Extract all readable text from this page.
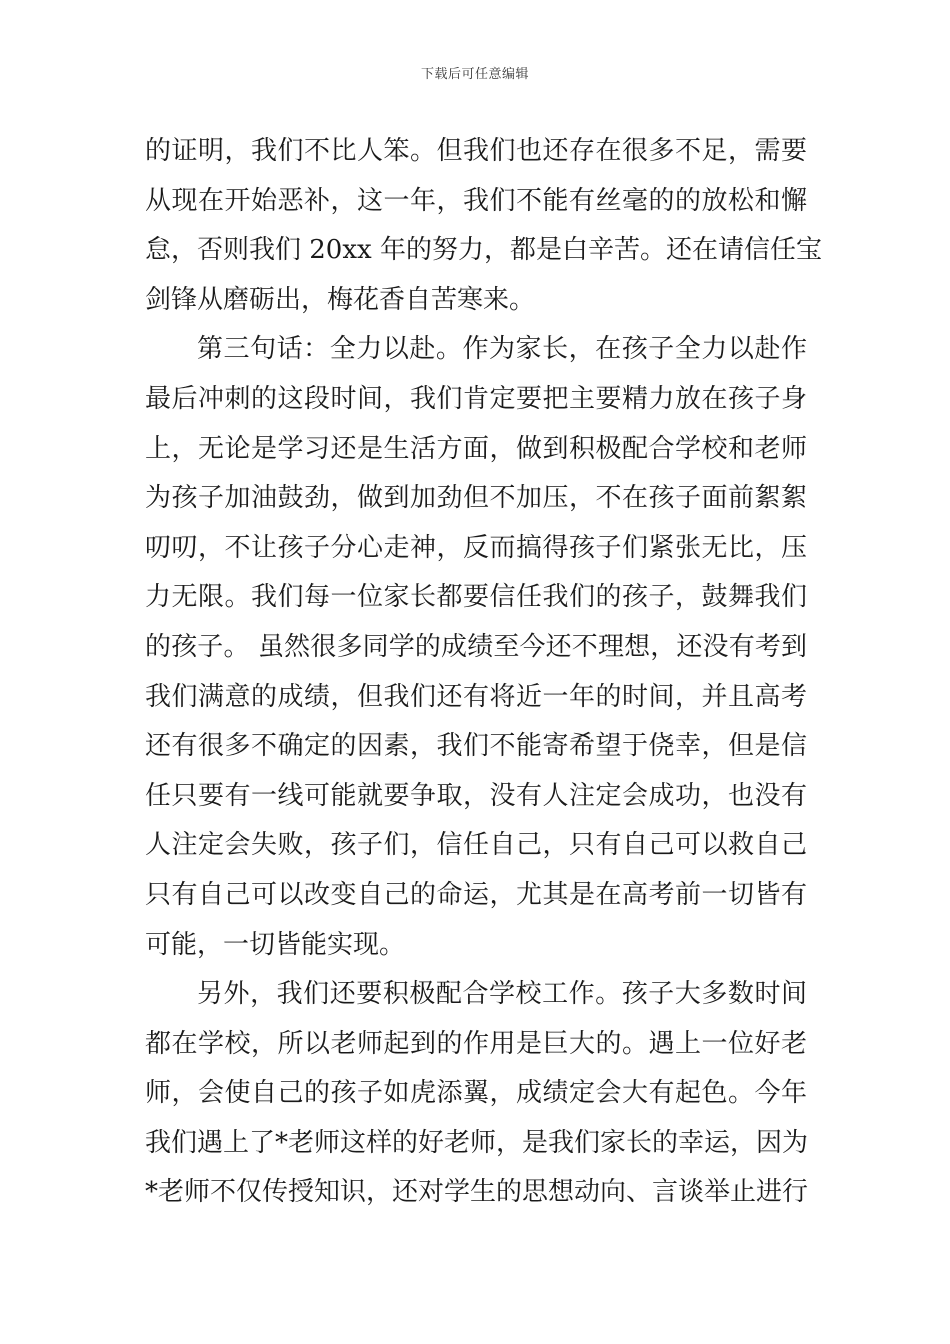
下载后可任意编辑
的证明，我们不比人笨。但我们也还存在很多不足，需要
从现在开始恶补，这一年，我们不能有丝毫的的放松和懈
怠，否则我们 20xx 年的努力，都是白辛苦。还在请信任宝
剑锋从磨砺出，梅花香自苦寒来。
第三句话：全力以赴。作为家长，在孩子全力以赴作
最后冲刺的这段时间，我们肯定要把主要精力放在孩子身
上，无论是学习还是生活方面，做到积极配合学校和老师
为孩子加油鼓劲，做到加劲但不加压，不在孩子面前絮絮
叨叨，不让孩子分心走神，反而搞得孩子们紧张无比，压
力无限。我们每一位家长都要信任我们的孩子，鼓舞我们
的孩子。 虽然很多同学的成绩至今还不理想，还没有考到
我们满意的成绩，但我们还有将近一年的时间，并且高考
还有很多不确定的因素，我们不能寄希望于侥幸，但是信
任只要有一线可能就要争取，没有人注定会成功，也没有
人注定会失败，孩子们，信任自己，只有自己可以救自己
只有自己可以改变自己的命运，尤其是在高考前一切皆有
可能，一切皆能实现。
另外，我们还要积极配合学校工作。孩子大多数时间
都在学校，所以老师起到的作用是巨大的。遇上一位好老
师，会使自己的孩子如虎添翼，成绩定会大有起色。今年
我们遇上了*老师这样的好老师，是我们家长的幸运，因为
*老师不仅传授知识，还对学生的思想动向、言谈举止进行
